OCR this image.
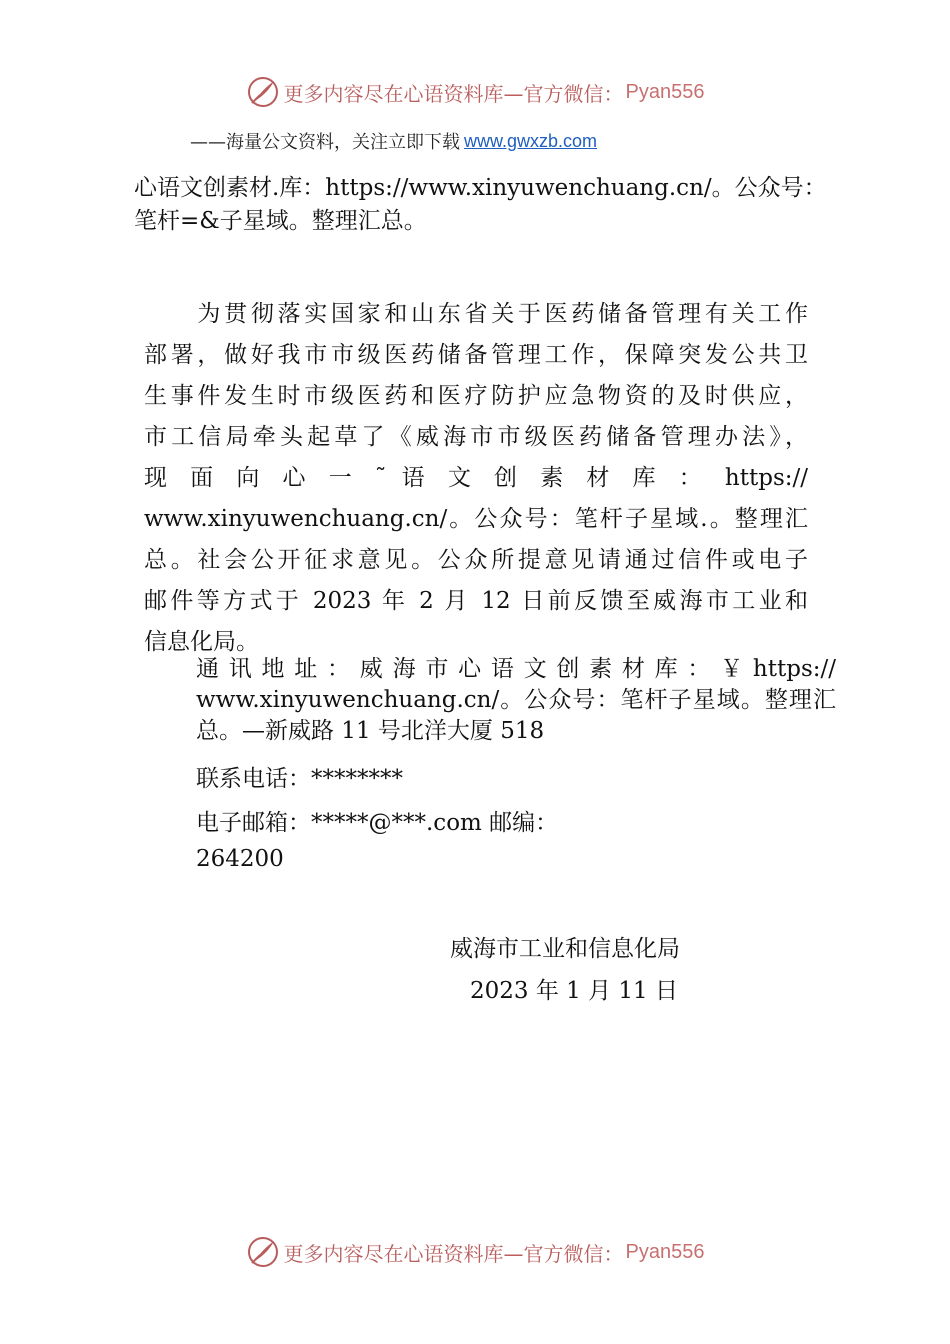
更多内容尽在心语资料库—官方微信： Pyan556
——海量公文资料，关注立即下载 www.gwxzb.com
心语文创素材.库：https://www.xinyuwenchuang.cn/。公众号：
笔杆=&子星域。整理汇总。
　　为贯彻落实国家和山东省关于医药储备管理有关工作
部署，做好我市市级医药储备管理工作，保障突发公共卫
生事件发生时市级医药和医疗防护应急物资的及时供应，
市工信局牵头起草了《威海市市级医药储备管理办法》，
现 面 向 心 一 ˜ 语 文 创 素 材 库 ： https://
www.xinyuwenchuang.cn/。公众号：笔杆子星域.。整理汇
总。社会公开征求意见。公众所提意见请通过信件或电子
邮件等方式于 2023 年 2 月 12 日前反馈至威海市工业和
信息化局。
通 讯 地 址 ： 威 海 市 心 语 文 创 素 材 库 ： ￥ https://
www.xinyuwenchuang.cn/。公众号：笔杆子星域。整理汇
总。—新威路 11 号北洋大厦 518
联系电话：********
电子邮箱：*****@***.com 邮编：
264200
威海市工业和信息化局
2023 年 1 月 11 日
更多内容尽在心语资料库—官方微信： Pyan556
